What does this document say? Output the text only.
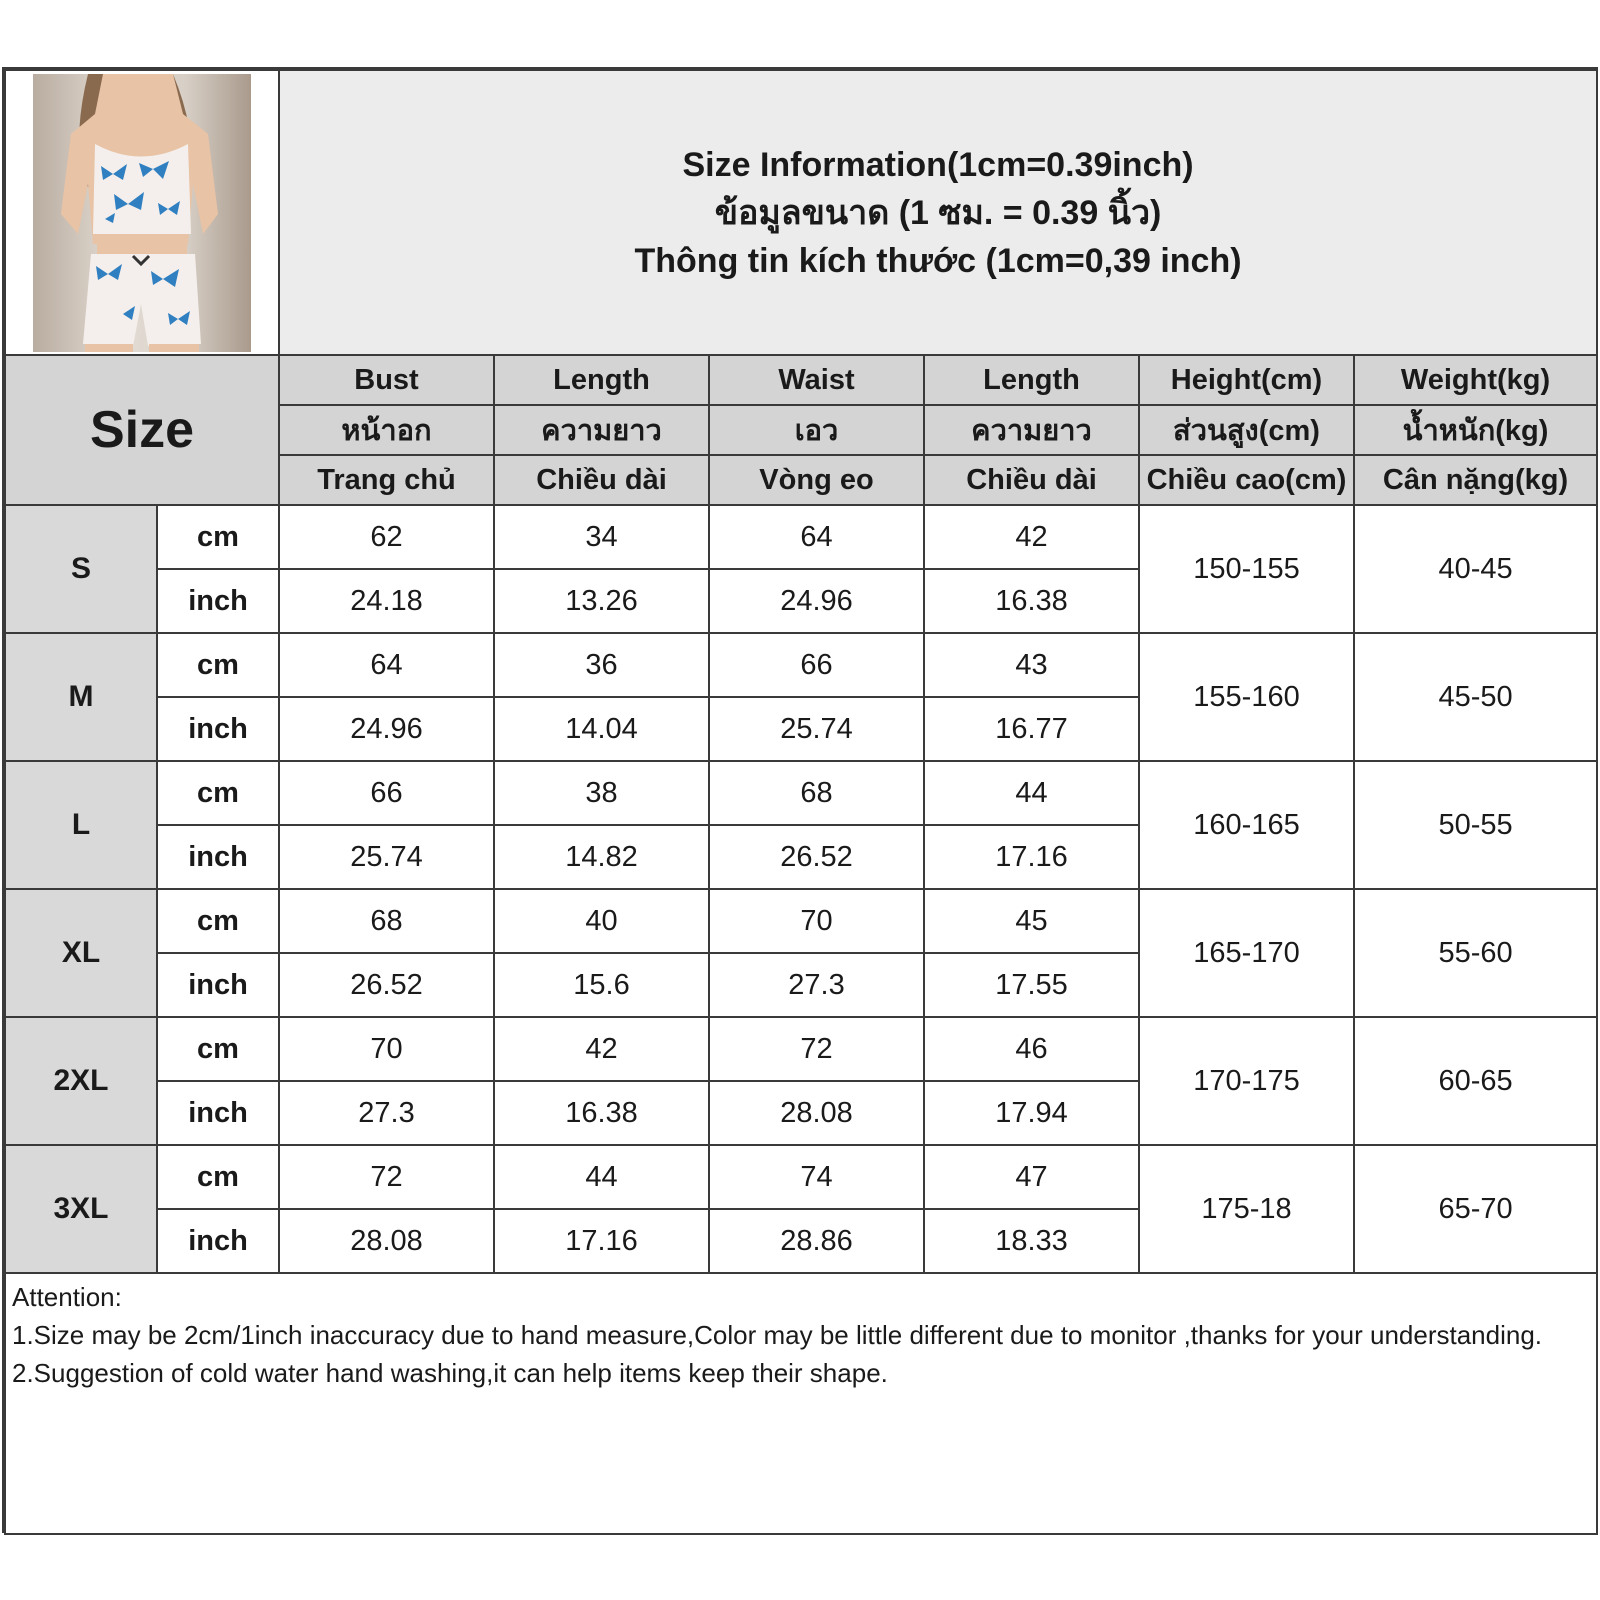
Size Information(1cm=0.39inch)
ข้อมูลขนาด (1 ซม. = 0.39 นิ้ว)
Thông tin kích thước (1cm=0,39 inch)					

Size		Bust	Length	Waist	Length	Height(cm)	Weight(kg)
		หน้าอก	ความยาว	เอว	ความยาว	ส่วนสูง(cm)	น้ำหนัก(kg)
		Trang chủ	Chiều dài	Vòng eo	Chiều dài	Chiều cao(cm)	Cân nặng(kg)
S	cm	62	34	64	42	150-155	40-45
	inch	24.18	13.26	24.96	16.38		
M	cm	64	36	66	43	155-160	45-50
	inch	24.96	14.04	25.74	16.77		
L	cm	66	38	68	44	160-165	50-55
	inch	25.74	14.82	26.52	17.16		
XL	cm	68	40	70	45	165-170	55-60
	inch	26.52	15.6	27.3	17.55		
2XL	cm	70	42	72	46	170-175	60-65
	inch	27.3	16.38	28.08	17.94		
3XL	cm	72	44	74	47	175-18	65-70
	inch	28.08	17.16	28.86	18.33		

Attention:
1.Size may be 2cm/1inch inaccuracy due to hand measure,Color may be little different due to monitor ,thanks for your understanding.
2.Suggestion of cold water hand washing,it can help items keep their shape.							
